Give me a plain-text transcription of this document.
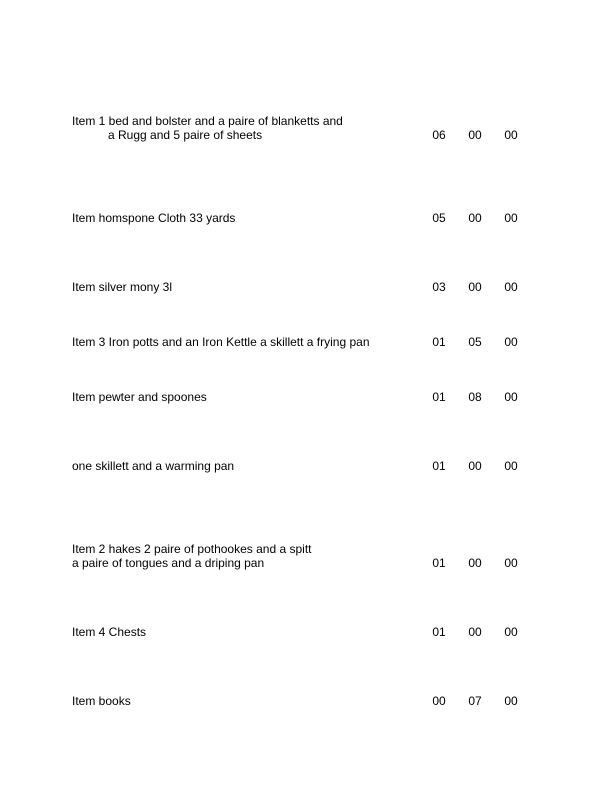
Item 1 bed and bolster and a paire of blanketts and
a Rugg and 5 paire of sheets	06	00	00
Item homspone Cloth 33 yards	05	00	00
Item silver mony 3l	03	00	00
Item 3 Iron potts and an Iron Kettle a skillett a frying pan	01	05	00
Item pewter and spoones	01	08	00
one skillett and a warming pan	01	00	00
Item 2 hakes 2 paire of pothookes and a spitt
a paire of tongues and a driping pan	01	00	00
Item 4 Chests	01	00	00
Item books	00	07	00
